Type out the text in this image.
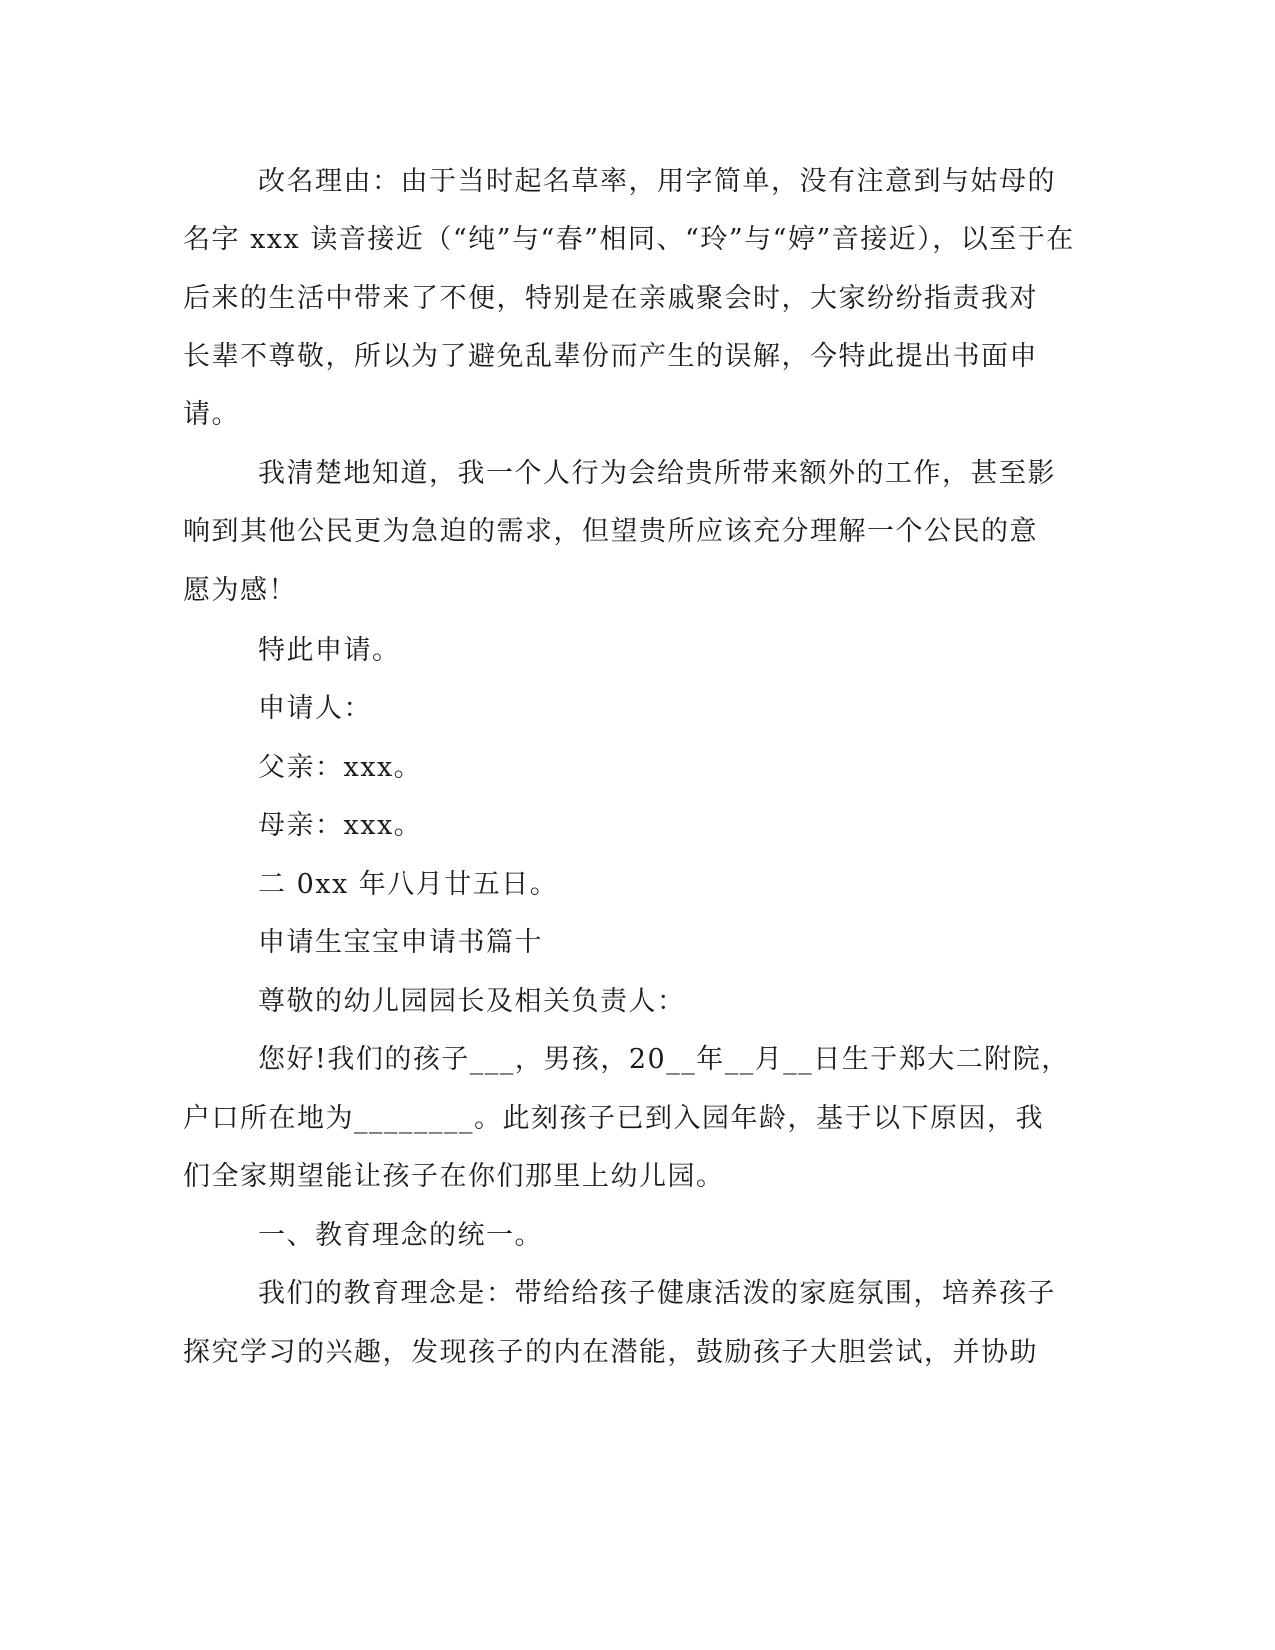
改名理由：由于当时起名草率，用字简单，没有注意到与姑母的
名字 xxx 读音接近（“纯”与“春”相同、“玲”与“婷”音接近），以至于在
后来的生活中带来了不便，特别是在亲戚聚会时，大家纷纷指责我对
长辈不尊敬，所以为了避免乱辈份而产生的误解，今特此提出书面申
请。
我清楚地知道，我一个人行为会给贵所带来额外的工作，甚至影
响到其他公民更为急迫的需求，但望贵所应该充分理解一个公民的意
愿为感！
特此申请。
申请人：
父亲：xxx。
母亲：xxx。
二 0xx 年八月廿五日。
申请生宝宝申请书篇十
尊敬的幼儿园园长及相关负责人：
您好!我们的孩子___，男孩，20__年__月__日生于郑大二附院，
户口所在地为________。此刻孩子已到入园年龄，基于以下原因，我
们全家期望能让孩子在你们那里上幼儿园。
一、教育理念的统一。
我们的教育理念是：带给给孩子健康活泼的家庭氛围，培养孩子
探究学习的兴趣，发现孩子的内在潜能，鼓励孩子大胆尝试，并协助
